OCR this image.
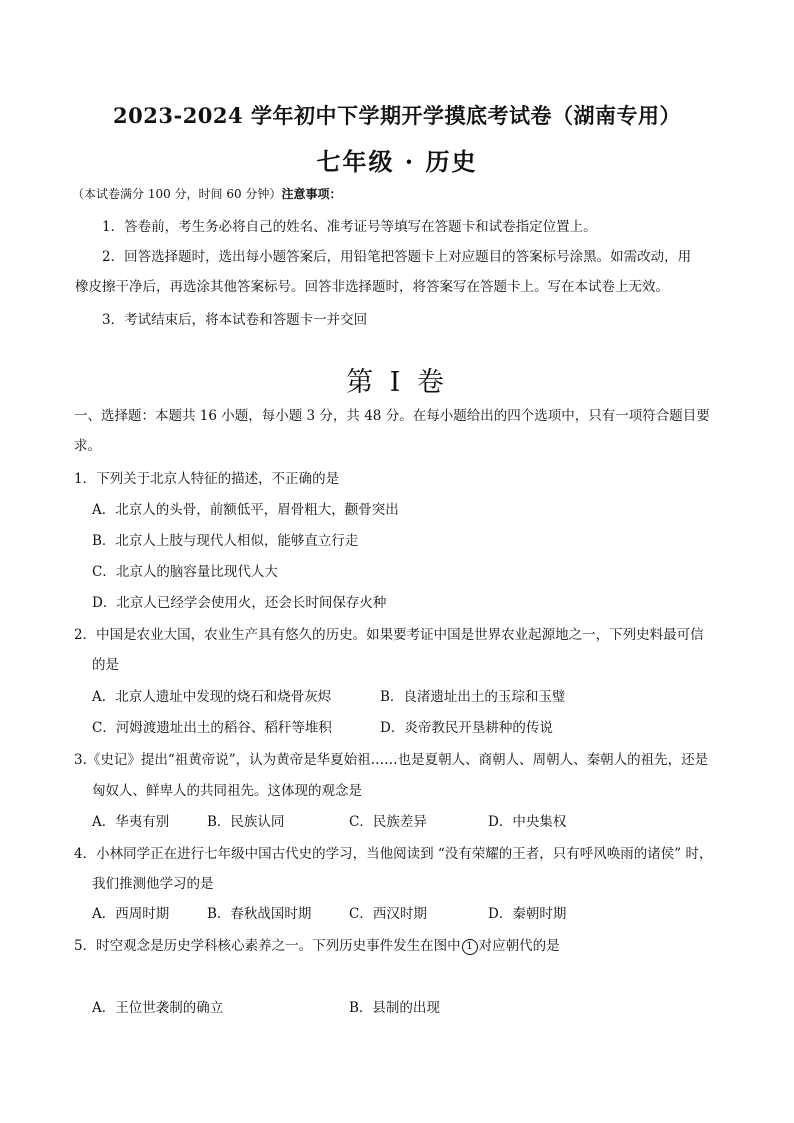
2023-2024 学年初中下学期开学摸底考试卷（湖南专用）
七年级 · 历史
（本试卷满分 100 分，时间 60 分钟）注意事项：
1．答卷前，考生务必将自己的姓名、准考证号等填写在答题卡和试卷指定位置上。
2．回答选择题时，选出每小题答案后，用铅笔把答题卡上对应题目的答案标号涂黑。如需改动，用
橡皮擦干净后，再选涂其他答案标号。回答非选择题时，将答案写在答题卡上。写在本试卷上无效。
3．考试结束后，将本试卷和答题卡一并交回
第 I 卷
一、选择题：本题共 16 小题，每小题 3 分，共 48 分。在每小题给出的四个选项中，只有一项符合题目要
求。
1．下列关于北京人特征的描述，不正确的是
A．北京人的头骨，前额低平，眉骨粗大，颧骨突出
B．北京人上肢与现代人相似，能够直立行走
C．北京人的脑容量比现代人大
D．北京人已经学会使用火，还会长时间保存火种
2．中国是农业大国，农业生产具有悠久的历史。如果要考证中国是世界农业起源地之一，下列史料最可信
的是
A．北京人遗址中发现的烧石和烧骨灰烬	B．良渚遗址出土的玉琮和玉璧
C．河姆渡遗址出土的稻谷、稻秆等堆积	D．炎帝教民开垦耕种的传说
3.《史记》提出“祖黄帝说”，认为黄帝是华夏始祖……也是夏朝人、商朝人、周朝人、秦朝人的祖先，还是
匈奴人、鲜卑人的共同祖先。这体现的观念是
A．华夷有别	B．民族认同	C．民族差异	D．中央集权
4．小林同学正在进行七年级中国古代史的学习，当他阅读到 “没有荣耀的王者，只有呼风唤雨的诸侯” 时，
我们推测他学习的是
A．西周时期	B．春秋战国时期	C．西汉时期	D．秦朝时期
5．时空观念是历史学科核心素养之一。下列历史事件发生在图中 1 对应朝代的是
A．王位世袭制的确立	B．县制的出现
